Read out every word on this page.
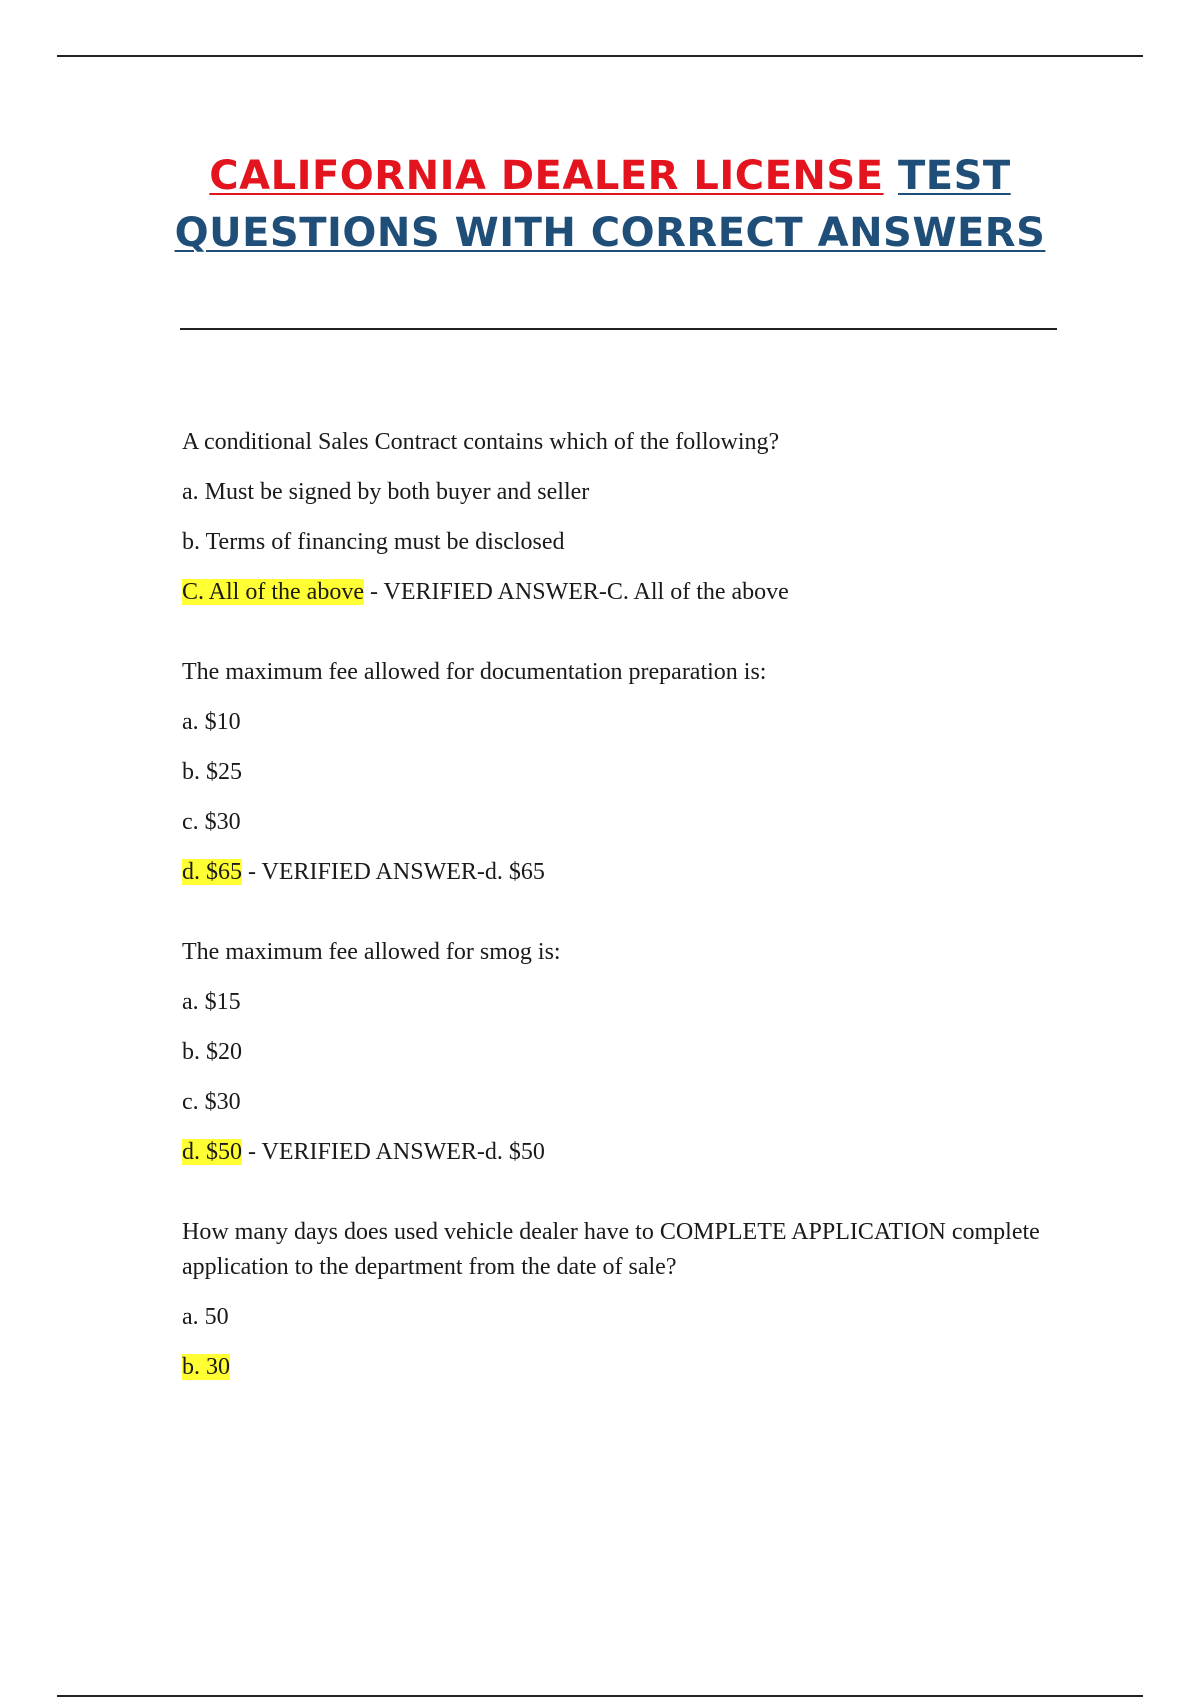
CALIFORNIA DEALER LICENSE TEST
QUESTIONS WITH CORRECT ANSWERS
A conditional Sales Contract contains which of the following?
a. Must be signed by both buyer and seller
b. Terms of financing must be disclosed
C. All of the above - VERIFIED ANSWER-C. All of the above
The maximum fee allowed for documentation preparation is:
a. $10
b. $25
c. $30
d. $65 - VERIFIED ANSWER-d. $65
The maximum fee allowed for smog is:
a. $15
b. $20
c. $30
d. $50 - VERIFIED ANSWER-d. $50
How many days does used vehicle dealer have to COMPLETE APPLICATION complete application to the department from the date of sale?
a. 50
b. 30
